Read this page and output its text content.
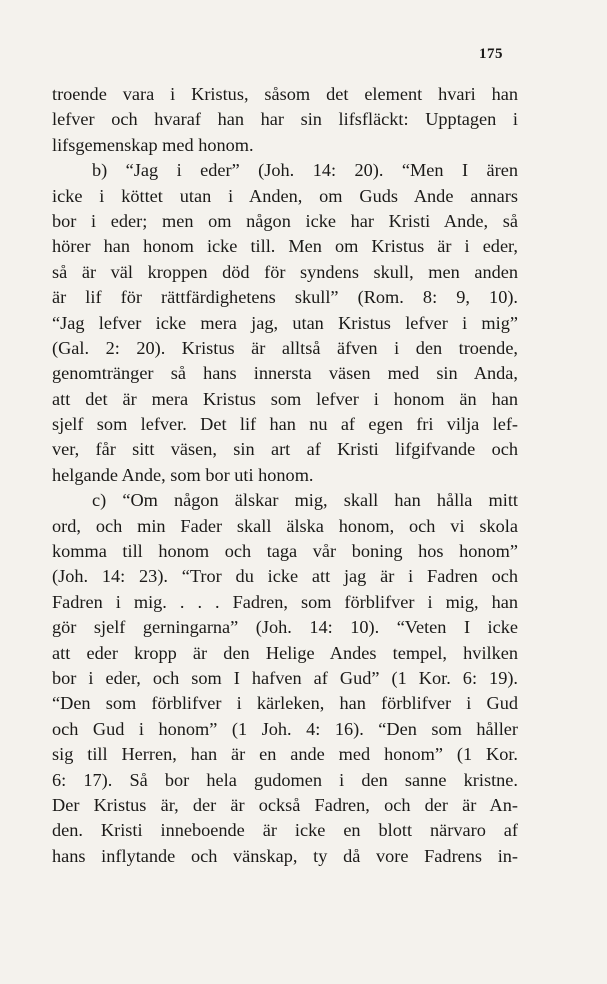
175
troende vara i Kristus, såsom det element hvari han
lefver och hvaraf han har sin lifsfläckt: Upptagen i
lifsgemenskap med honom.
b) “Jag i eder” (Joh. 14: 20). “Men I ären
icke i köttet utan i Anden, om Guds Ande annars
bor i eder; men om någon icke har Kristi Ande, så
hörer han honom icke till. Men om Kristus är i eder,
så är väl kroppen död för syndens skull, men anden
är lif för rättfärdighetens skull” (Rom. 8: 9, 10).
“Jag lefver icke mera jag, utan Kristus lefver i mig”
(Gal. 2: 20). Kristus är alltså äfven i den troende,
genomtränger så hans innersta väsen med sin Anda,
att det är mera Kristus som lefver i honom än han
sjelf som lefver. Det lif han nu af egen fri vilja lef-
ver, får sitt väsen, sin art af Kristi lifgifvande och
helgande Ande, som bor uti honom.
c) “Om någon älskar mig, skall han hålla mitt
ord, och min Fader skall älska honom, och vi skola
komma till honom och taga vår boning hos honom”
(Joh. 14: 23). “Tror du icke att jag är i Fadren och
Fadren i mig. . . . Fadren, som förblifver i mig, han
gör sjelf gerningarna” (Joh. 14: 10). “Veten I icke
att eder kropp är den Helige Andes tempel, hvilken
bor i eder, och som I hafven af Gud” (1 Kor. 6: 19).
“Den som förblifver i kärleken, han förblifver i Gud
och Gud i honom” (1 Joh. 4: 16). “Den som håller
sig till Herren, han är en ande med honom” (1 Kor.
6: 17). Så bor hela gudomen i den sanne kristne.
Der Kristus är, der är också Fadren, och der är An-
den. Kristi inneboende är icke en blott närvaro af
hans inflytande och vänskap, ty då vore Fadrens in-
